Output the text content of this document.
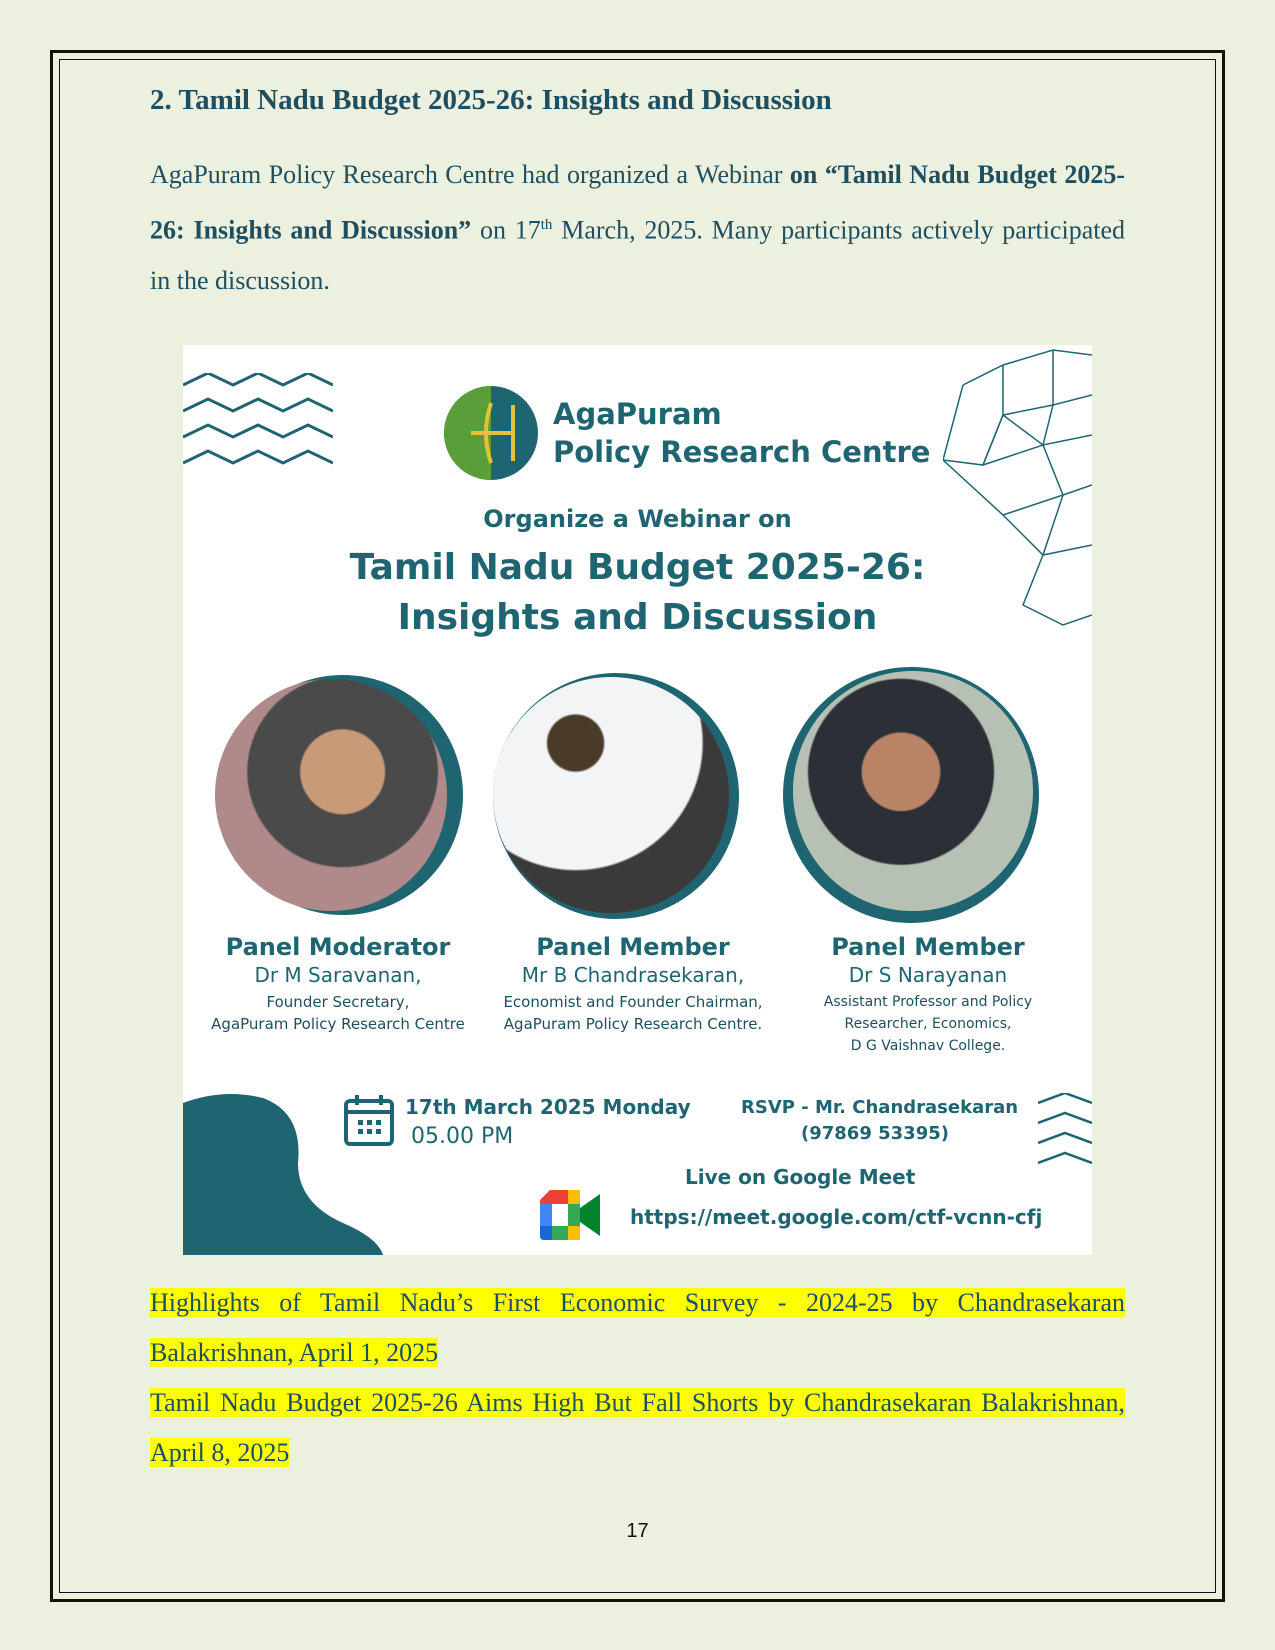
2. Tamil Nadu Budget 2025-26: Insights and Discussion

AgaPuram Policy Research Centre had organized a Webinar on “Tamil Nadu Budget 2025-26: Insights and Discussion” on 17th March, 2025. Many participants actively participated in the discussion.

AgaPuram
Policy Research Centre
Organize a Webinar on
Tamil Nadu Budget 2025-26:
Insights and Discussion
Panel Moderator
Dr M Saravanan,
Founder Secretary,
AgaPuram Policy Research Centre
Panel Member
Mr B Chandrasekaran,
Economist and Founder Chairman,
AgaPuram Policy Research Centre.
Panel Member
Dr S Narayanan
Assistant Professor and Policy
Researcher, Economics,
D G Vaishnav College.
17th March 2025 Monday
05.00 PM
RSVP - Mr. Chandrasekaran
(97869 53395)
Live on Google Meet
https://meet.google.com/ctf-vcnn-cfj

Highlights of Tamil Nadu’s First Economic Survey - 2024-25 by Chandrasekaran Balakrishnan, April 1, 2025

Tamil Nadu Budget 2025-26 Aims High But Fall Shorts by Chandrasekaran Balakrishnan, April 8, 2025

17
